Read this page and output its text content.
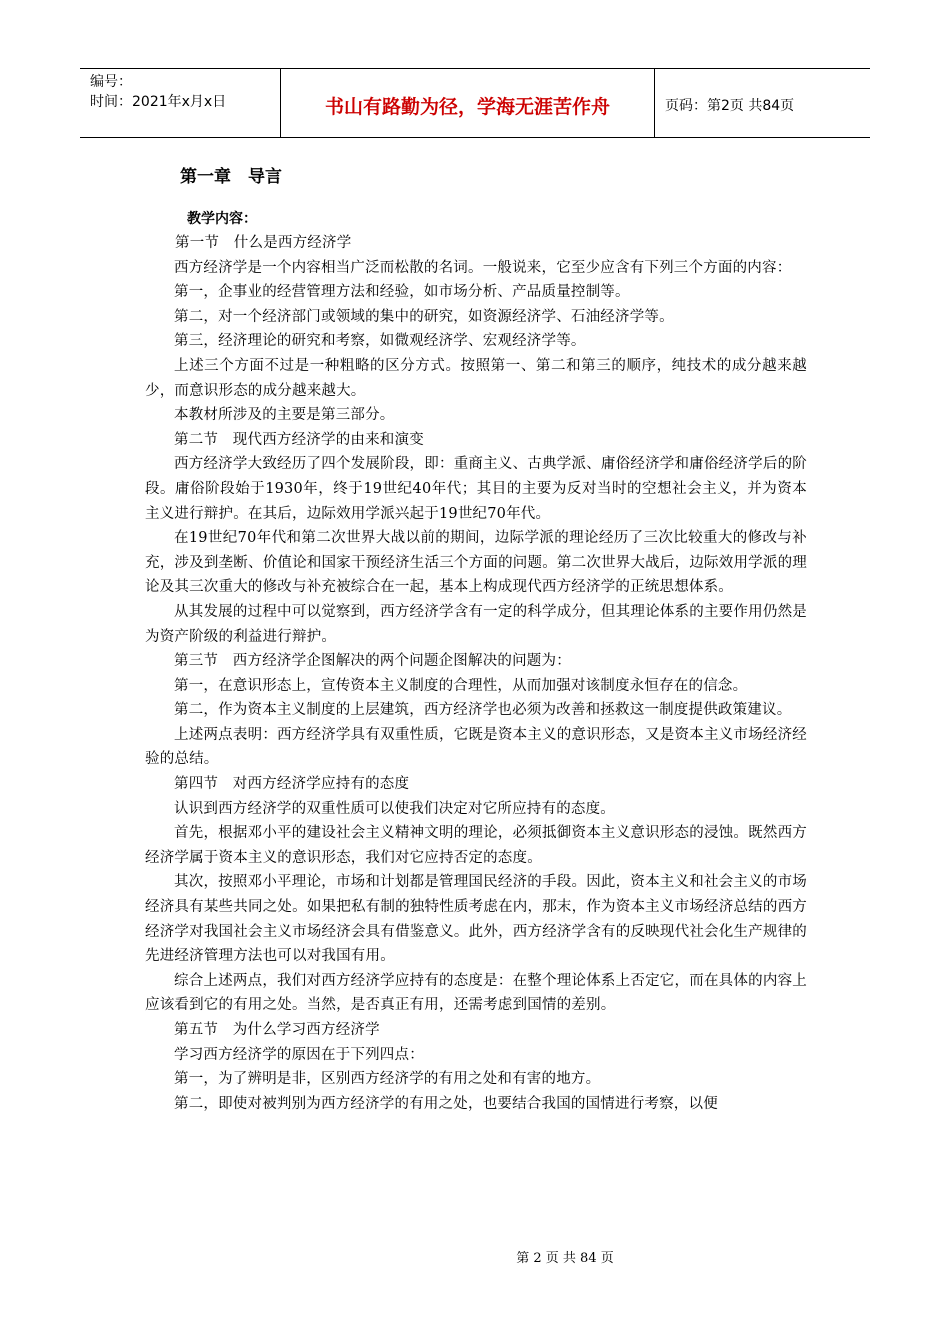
编号：
时间：2021年x月x日	书山有路勤为径，学海无涯苦作舟	页码：第2页 共84页
第一章　导言
教学内容：

第一节　什么是西方经济学

西方经济学是一个内容相当广泛而松散的名词。一般说来，它至少应含有下列三个方面的内容：

第一，企事业的经营管理方法和经验，如市场分析、产品质量控制等。

第二，对一个经济部门或领域的集中的研究，如资源经济学、石油经济学等。

第三，经济理论的研究和考察，如微观经济学、宏观经济学等。

上述三个方面不过是一种粗略的区分方式。按照第一、第二和第三的顺序，纯技术的成分越来越少，而意识形态的成分越来越大。

本教材所涉及的主要是第三部分。

第二节　现代西方经济学的由来和演变

西方经济学大致经历了四个发展阶段，即：重商主义、古典学派、庸俗经济学和庸俗经济学后的阶段。庸俗阶段始于1930年，终于19世纪40年代；其目的主要为反对当时的空想社会主义，并为资本主义进行辩护。在其后，边际效用学派兴起于19世纪70年代。

在19世纪70年代和第二次世界大战以前的期间，边际学派的理论经历了三次比较重大的修改与补充，涉及到垄断、价值论和国家干预经济生活三个方面的问题。第二次世界大战后，边际效用学派的理论及其三次重大的修改与补充被综合在一起，基本上构成现代西方经济学的正统思想体系。

从其发展的过程中可以觉察到，西方经济学含有一定的科学成分，但其理论体系的主要作用仍然是为资产阶级的利益进行辩护。

第三节　西方经济学企图解决的两个问题企图解决的问题为：

第一，在意识形态上，宣传资本主义制度的合理性，从而加强对该制度永恒存在的信念。

第二，作为资本主义制度的上层建筑，西方经济学也必须为改善和拯救这一制度提供政策建议。

上述两点表明：西方经济学具有双重性质，它既是资本主义的意识形态，又是资本主义市场经济经验的总结。

第四节　对西方经济学应持有的态度

认识到西方经济学的双重性质可以使我们决定对它所应持有的态度。

首先，根据邓小平的建设社会主义精神文明的理论，必须抵御资本主义意识形态的浸蚀。既然西方经济学属于资本主义的意识形态，我们对它应持否定的态度。

其次，按照邓小平理论，市场和计划都是管理国民经济的手段。因此，资本主义和社会主义的市场经济具有某些共同之处。如果把私有制的独特性质考虑在内，那末，作为资本主义市场经济总结的西方经济学对我国社会主义市场经济会具有借鉴意义。此外，西方经济学含有的反映现代社会化生产规律的先进经济管理方法也可以对我国有用。

综合上述两点，我们对西方经济学应持有的态度是：在整个理论体系上否定它，而在具体的内容上应该看到它的有用之处。当然，是否真正有用，还需考虑到国情的差别。

第五节　为什么学习西方经济学

学习西方经济学的原因在于下列四点：

第一，为了辨明是非，区别西方经济学的有用之处和有害的地方。

第二，即使对被判别为西方经济学的有用之处，也要结合我国的国情进行考察，以便

第 2 页 共 84 页
